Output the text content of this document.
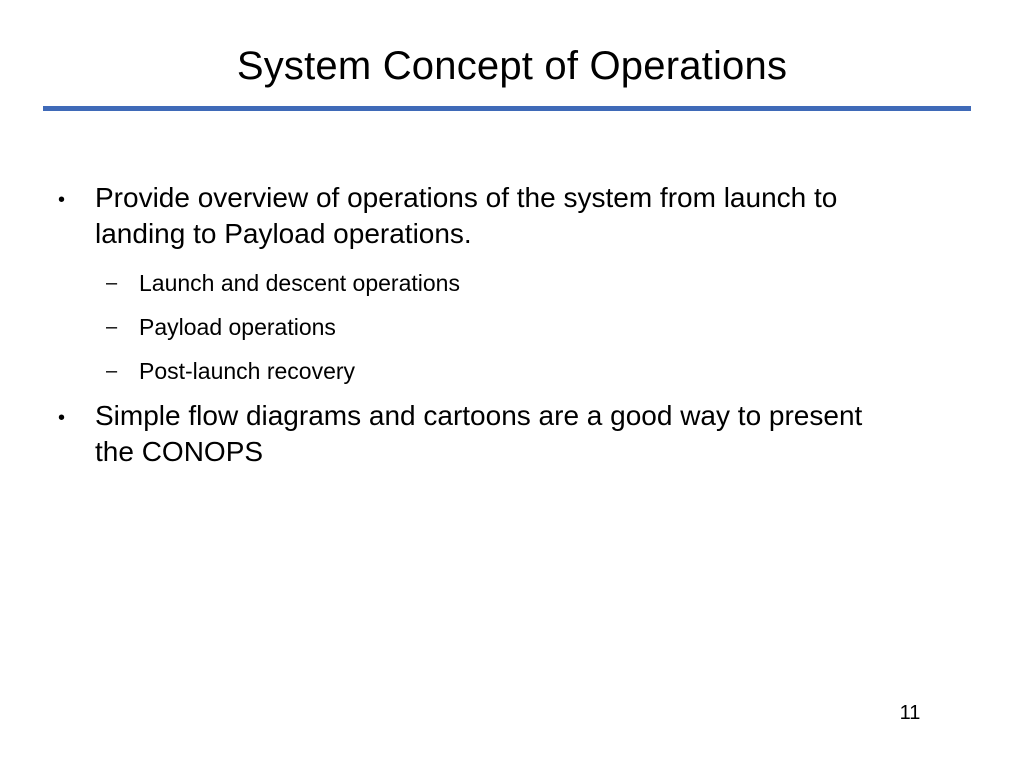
System Concept of Operations
• Provide overview of operations of the system from launch to
landing to Payload operations.
– Launch and descent operations
– Payload operations
– Post-launch recovery
• Simple flow diagrams and cartoons are a good way to present
the CONOPS
11
